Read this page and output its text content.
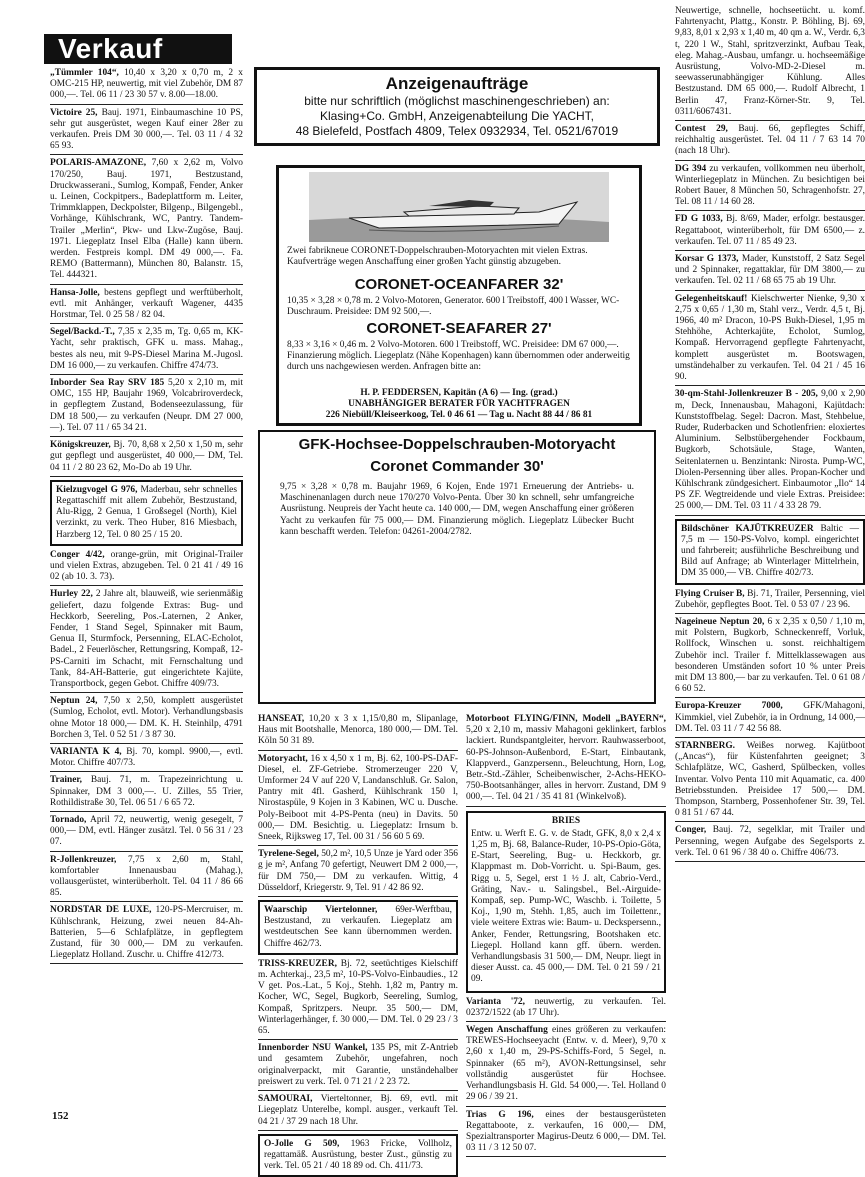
Verkauf
„Tümmler 104“, 10,40 x 3,20 x 0,70 m, 2 x OMC-215 HP, neuwertig, mit viel Zubehör, DM 87 000,—. Tel. 06 11 / 23 30 57 v. 8.00—18.00.
Victoire 25, Bauj. 1971, Einbaumaschine 10 PS, sehr gut ausgerüstet, wegen Kauf einer 28er zu verkaufen. Preis DM 30 000,—. Tel. 03 11 / 4 32 65 93.
POLARIS-AMAZONE, 7,60 x 2,62 m, Volvo 170/250, Bauj. 1971, Bestzustand, Druckwasserani., Sumlog, Kompaß, Fender, Anker u. Leinen, Cockpitpers., Badeplattform m. Leiter, Trimmklappen, Deckpolster, Bilgenp., Bilgengebl., Vorhänge, Kühlschrank, WC, Pantry. Tandem-Trailer „Merlin“, Pkw- und Lkw-Zugöse, Bauj. 1971. Liegeplatz Insel Elba (Halle) kann übern. werden. Festpreis kompl. DM 49 000,—. Fa. REMO (Battermann), München 80, Balanstr. 15, Tel. 444321.
Hansa-Jolle, bestens gepflegt und werftüberholt, evtl. mit Anhänger, verkauft Wagener, 4435 Horstmar, Tel. 0 25 58 / 82 04.
Segel/Backd.-T., 7,35 x 2,35 m, Tg. 0,65 m, KK-Yacht, sehr praktisch, GFK u. mass. Mahag., bestes als neu, mit 9-PS-Diesel Marina M.-Jugosl. DM 16 000,— zu verkaufen. Chiffre 474/73.
Inborder Sea Ray SRV 185 5,20 x 2,10 m, mit OMC, 155 HP, Baujahr 1969, Volcabriroverdeck, in gepflegtem Zustand, Bodenseezulassung, für DM 18 500,— zu verkaufen (Neupr. DM 27 000,—). Tel. 07 11 / 65 34 21.
Königskreuzer, Bj. 70, 8,68 x 2,50 x 1,50 m, sehr gut gepflegt und ausgerüstet, 40 000,— DM, Tel. 04 11 / 2 80 23 62, Mo-Do ab 19 Uhr.
Kielzugvogel G 976, Maderbau, sehr schnelles Regattaschiff mit allem Zubehör, Bestzustand, Alu-Rigg, 2 Genua, 1 Großsegel (North), Kiel verzinkt, zu verk. Theo Huber, 816 Miesbach, Harzberg 12, Tel. 0 80 25 / 15 20.
Conger 4/42, orange-grün, mit Original-Trailer und vielen Extras, abzugeben. Tel. 0 21 41 / 49 16 02 (ab 10. 3. 73).
Hurley 22, 2 Jahre alt, blauweiß, wie serienmäßig geliefert, dazu folgende Extras: Bug- und Heckkorb, Seereling, Pos.-Laternen, 2 Anker, Fender, 1 Stand Segel, Spinnaker mit Baum, Genua II, Sturmfock, Persenning, ELAC-Echolot, Badel., 2 Feuerlöscher, Rettungsring, Kompaß, 12-PS-Carniti im Schacht, mit Fernschaltung und Tank, 84-AH-Batterie, gut eingerichtete Kajüte, Transportbock, gegen Gebot. Chiffre 409/73.
Neptun 24, 7,50 x 2,50, komplett ausgerüstet (Sumlog, Echolot, evtl. Motor). Verhandlungsbasis ohne Motor 18 000,— DM. K. H. Steinhilp, 4791 Borchen 3, Tel. 0 52 51 / 3 87 30.
VARIANTA K 4, Bj. 70, kompl. 9900,—, evtl. Motor. Chiffre 407/73.
Trainer, Bauj. 71, m. Trapezeinrichtung u. Spinnaker, DM 3 000,—. U. Zilles, 55 Trier, Rothildistraße 30, Tel. 06 51 / 6 65 72.
Tornado, April 72, neuwertig, wenig gesegelt, 7 000,— DM, evtl. Hänger zusätzl. Tel. 0 56 31 / 23 07.
R-Jollenkreuzer, 7,75 x 2,60 m, Stahl, komfortabler Innenausbau (Mahag.), vollausgerüstet, winterüberholt. Tel. 04 11 / 86 66 85.
NORDSTAR DE LUXE, 120-PS-Mercruiser, m. Kühlschrank, Heizung, zwei neuen 84-Ah-Batterien, 5—6 Schlafplätze, in gepflegtem Zustand, für 30 000,— DM zu verkaufen. Liegeplatz Holland. Zuschr. u. Chiffre 412/73.
Anzeigenaufträge
bitte nur schriftlich (möglichst maschinengeschrieben) an:
Klasing+Co. GmbH, Anzeigenabteilung Die YACHT,
48 Bielefeld, Postfach 4809, Telex 0932934, Tel. 0521/67019
Zwei fabrikneue CORONET-Doppelschrauben-Motoryachten mit vielen Extras. Kaufverträge wegen Anschaffung einer großen Yacht günstig abzugeben.
CORONET-OCEANFARER 32'
10,35 × 3,28 × 0,78 m. 2 Volvo-Motoren, Generator. 600 l Treibstoff, 400 l Wasser, WC-Duschraum. Preisidee: DM 92 500,—.
CORONET-SEAFARER 27'
8,33 × 3,16 × 0,46 m. 2 Volvo-Motoren. 600 l Treibstoff, WC. Preisidee: DM 67 000,—. Finanzierung möglich. Liegeplatz (Nähe Kopenhagen) kann übernommen oder anderweitig durch uns nachgewiesen werden. Anfragen bitte an:
H. P. FEDDERSEN, Kapitän (A 6) — Ing. (grad.)
UNABHÄNGIGER BERATER FÜR YACHTFRAGEN
226 Niebüll/Kleiseerkoog, Tel. 0 46 61 — Tag u. Nacht 88 44 / 86 81
GFK-Hochsee-Doppelschrauben-Motoryacht
Coronet Commander 30'
9,75 × 3,28 × 0,78 m. Baujahr 1969, 6 Kojen, Ende 1971 Erneuerung der Antriebs- u. Maschinenanlagen durch neue 170/270 Volvo-Penta. Über 30 kn schnell, sehr umfangreiche Ausrüstung. Neupreis der Yacht heute ca. 140 000,— DM, wegen Anschaffung einer größeren Yacht zu verkaufen für 75 000,— DM. Finanzierung möglich. Liegeplatz Lübecker Bucht kann beschafft werden. Telefon: 04261-2004/2782.
HANSEAT, 10,20 x 3 x 1,15/0,80 m, Slipanlage, Haus mit Bootshalle, Menorca, 180 000,— DM. Tel. Köln 50 31 89.
Motoryacht, 16 x 4,50 x 1 m, Bj. 62, 100-PS-DAF-Diesel, el. ZF-Getriebe. Stromerzeuger 220 V, Umformer 24 V auf 220 V, Landanschluß. Gr. Salon, Pantry mit 4fl. Gasherd, Kühlschrank 150 l, Nirostaspüle, 9 Kojen in 3 Kabinen, WC u. Dusche. Poly-Beiboot mit 4-PS-Penta (neu) in Davits. 50 000,— DM. Besichtig. u. Liegeplatz: Irnsum b. Sneek, Rijksweg 17, Tel. 00 31 / 56 60 5 69.
Tyrelene-Segel, 50,2 m², 10,5 Unze je Yard oder 356 g je m², Anfang 70 gefertigt, Neuwert DM 2 000,—, für DM 750,— DM zu verkaufen. Wittig, 4 Düsseldorf, Kriegerstr. 9, Tel. 91 / 42 86 92.
Waarschip Viertelonner, 69er-Werftbau, Bestzustand, zu verkaufen. Liegeplatz am westdeutschen See kann übernommen werden. Chiffre 462/73.
TRISS-KREUZER, Bj. 72, seetüchtiges Kielschiff m. Achterkaj., 23,5 m², 10-PS-Volvo-Einbaudies., 12 V get. Pos.-Lat., 5 Koj., Stehh. 1,82 m, Pantry m. Kocher, WC, Segel, Bugkorb, Seereling, Sumlog, Kompaß, Spritzpers. Neupr. 35 500,— DM, Winterlagerhänger, f. 30 000,— DM. Tel. 0 29 23 / 3 65.
Innenborder NSU Wankel, 135 PS, mit Z-Antrieb und gesamtem Zubehör, ungefahren, noch originalverpackt, mit Garantie, unständehalber preiswert zu verk. Tel. 0 71 21 / 2 23 72.
SAMOURAI, Vierteltonner, Bj. 69, evtl. mit Liegeplatz Unterelbe, kompl. ausger., verkauft Tel. 04 21 / 37 29 nach 18 Uhr.
O-Jolle G 509, 1963 Fricke, Vollholz, regattamäß. Ausrüstung, bester Zust., günstig zu verk. Tel. 05 21 / 40 18 89 od. Ch. 411/73.
Motorboot FLYING/FINN, Modell „BAYERN“, 5,20 x 2,10 m, massiv Mahagoni geklinkert, farblos lackiert. Rundspantgleiter, hervorr. Rauhwasserboot, 60-PS-Johnson-Außenbord, E-Start, Einbautank, Klappverd., Ganzpersenn., Beleuchtung, Horn, Log, Betr.-Std.-Zähler, Scheibenwischer, 2-Achs-HEKO-750-Bootsanhänger, alles in hervorr. Zustand, DM 9 000,—. Tel. 04 21 / 35 41 81 (Winkelvoß).
BRIES
Entw. u. Werft E. G. v. de Stadt, GFK, 8,0 x 2,4 x 1,25 m, Bj. 68, Balance-Ruder, 10-PS-Opio-Göta, E-Start, Seereling, Bug- u. Heckkorb, gr. Klappmast m. Dob-Vorricht. u. Spi-Baum, ges. Rigg u. 5, Segel, erst 1 ½ J. alt, Cabrio-Verd., Gräting, Nav.- u. Salingsbel., Bel.-Airguide-Kompaß, sep. Pump-WC, Waschb. i. Toilette, 5 Koj., 1,90 m, Stehh. 1,85, auch im Toilettenr., viele weitere Extras wie: Baum- u. Deckspersenn., Anker, Fender, Rettungsring, Bootshaken etc. Liegepl. Holland kann gff. übern. werden. Verhandlungsbasis 31 500,— DM, Neupr. liegt in dieser Ausst. ca. 45 000,— DM. Tel. 0 21 59 / 21 09.
Varianta '72, neuwertig, zu verkaufen. Tel. 02372/1522 (ab 17 Uhr).
Wegen Anschaffung eines größeren zu verkaufen: TREWES-Hochseeyacht (Entw. v. d. Meer), 9,70 x 2,60 x 1,40 m, 29-PS-Schiffs-Ford, 5 Segel, n. Spinnaker (65 m²), AVON-Rettungsinsel, sehr vollständig ausgerüstet für Hochsee. Verhandlungsbasis H. Gld. 54 000,—. Tel. Holland 0 29 06 / 39 21.
Trias G 196, eines der bestausgerüsteten Regattaboote, z. verkaufen, 16 000,— DM, Spezialtransporter Magirus-Deutz 6 000,— DM. Tel. 03 11 / 3 12 50 07.
Neuwertige, schnelle, hochseetücht. u. komf. Fahrtenyacht, Plattg., Konstr. P. Böhling, Bj. 69, 9,83, 8,01 x 2,93 x 1,40 m, 40 qm a. W., Verdr. 6,3 t, 220 l W., Stahl, spritzverzinkt, Aufbau Teak, eleg. Mahag.-Ausbau, umfangr. u. hochseemäßige Ausrüstung, Volvo-MD-2-Diesel m. seewasserunabhängiger Kühlung. Alles Bestzustand. DM 65 000,—. Rudolf Albrecht, 1 Berlin 47, Franz-Körner-Str. 9, Tel. 0311/6067431.
Contest 29, Bauj. 66, gepflegtes Schiff, reichhaltig ausgerüstet. Tel. 04 11 / 7 63 14 70 (nach 18 Uhr).
DG 394 zu verkaufen, vollkommen neu überholt, Winterliegeplatz in München. Zu besichtigen bei Robert Bauer, 8 München 50, Schragenhofstr. 27, Tel. 08 11 / 14 60 28.
FD G 1033, Bj. 8/69, Mader, erfolgr. bestausger. Regattaboot, winterüberholt, für DM 6500,— z. verkaufen. Tel. 07 11 / 85 49 23.
Korsar G 1373, Mader, Kunststoff, 2 Satz Segel und 2 Spinnaker, regattaklar, für DM 3800,— zu verkaufen. Tel. 02 11 / 68 65 75 ab 19 Uhr.
Gelegenheitskauf! Kielschwerter Nienke, 9,30 x 2,75 x 0,65 / 1,30 m, Stahl verz., Verdr. 4,5 t, Bj. 1966, 40 m² Dracon, 10-PS Bukh-Diesel, 1,95 m Stehhöhe, Achterkajüte, Echolot, Sumlog, Kompaß. Hervorragend gepflegte Fahrtenyacht, komplett ausgerüstet m. Bootswagen, umständehalber zu verkaufen. Tel. 04 21 / 45 16 90.
30-qm-Stahl-Jollenkreuzer B - 205, 9,00 x 2,90 m, Deck, Innenausbau, Mahagoni, Kajütdach: Kunststoffbelag. Segel: Dacron. Mast, Stehbelue, Ruder, Ruderbacken und Schotlenfrien: eloxiertes Aluminium. Selbstübergehender Fockbaum, Bugkorb, Schotsäule, Stage, Wanten, Seitenlaternen u. Benzintank: Nirosta. Pump-WC, Diolen-Persenning über alles. Propan-Kocher und Kühlschrank zündgesichert. Einbaumotor „Ilo“ 14 PS ZF. Wegtreidende und viele Extras. Preisidee: 25 000,— DM. Tel. 03 11 / 4 33 28 79.
Bildschöner KAJÜTKREUZER Baltic — 7,5 m — 150-PS-Volvo, kompl. eingerichtet und fahrbereit; ausführliche Beschreibung und Bild auf Anfrage; ab Winterlager Mittelrhein, DM 35 000,— VB. Chiffre 402/73.
Flying Cruiser B, Bj. 71, Trailer, Persenning, viel Zubehör, gepflegtes Boot. Tel. 0 53 07 / 23 96.
Nageineue Neptun 20, 6 x 2,35 x 0,50 / 1,10 m, mit Polstern, Bugkorb, Schneckenreff, Vorluk, Rollfock, Winschen u. sonst. reichhaltigem Zubehör incl. Trailer f. Mittelklassewagen aus besonderen Umständen sofort 10 % unter Preis mit DM 13 800,— bar zu verkaufen. Tel. 0 61 08 / 6 60 52.
Europa-Kreuzer 7000, GFK/Mahagoni, Kimmkiel, viel Zubehör, ia in Ordnung, 14 000,— DM. Tel. 03 11 / 7 42 56 88.
STARNBERG. Weißes norweg. Kajütboot („Ancas“), für Küstenfahrten geeignet; 3 Schlafplätze, WC, Gasherd, Spülbecken, volles Inventar. Volvo Penta 110 mit Aquamatic, ca. 400 Betriebsstunden. Preisidee 17 500,— DM. Thompson, Starnberg, Possenhofener Str. 39, Tel. 0 81 51 / 67 44.
Conger, Bauj. 72, segelklar, mit Trailer und Persenning, wegen Aufgabe des Segelsports z. verk. Tel. 0 61 96 / 38 40 o. Chiffre 406/73.
152
